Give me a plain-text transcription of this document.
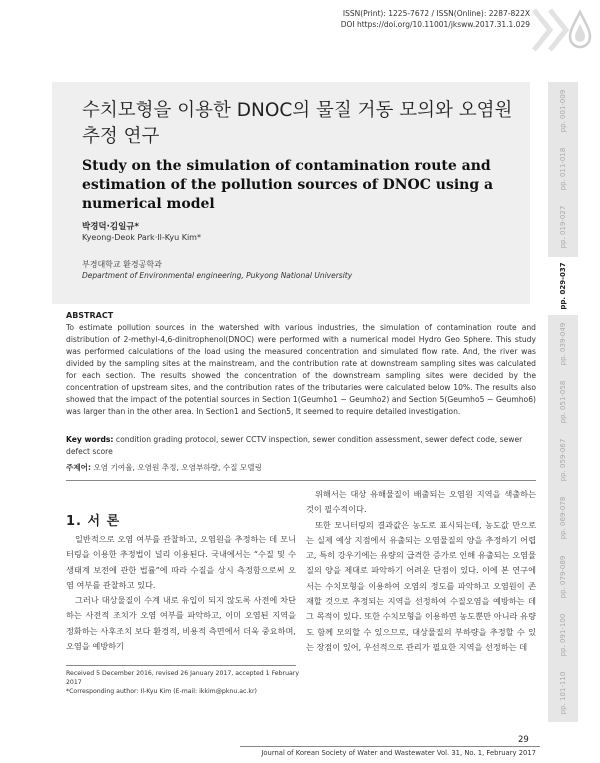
ISSN(Print): 1225-7672 / ISSN(Online): 2287-822X
DOI https://doi.org/10.11001/jksww.2017.31.1.029
수치모형을 이용한 DNOC의 물질 거동 모의와 오염원 추정 연구
Study on the simulation of contamination route and estimation of the pollution sources of DNOC using a numerical model
박경덕·김일규*
Kyeong-Deok Park·Il-Kyu Kim*
부경대학교 환경공학과
Department of Environmental engineering, Pukyong National University
pp. 001-009
pp. 011-018
pp. 019-027
pp. 029-037
pp. 039-049
pp. 051-058
pp. 059-067
pp. 069-078
pp. 079-089
pp. 091-100
pp. 101-110
ABSTRACT
To estimate pollution sources in the watershed with various industries, the simulation of contamination route and distribution of 2-methyl-4,6-dinitrophenol(DNOC) were performed with a numerical model Hydro Geo Sphere. This study was performed calculations of the load using the measured concentration and simulated flow rate. And, the river was divided by the sampling sites at the mainstream, and the contribution rate at downstream sampling sites was calculated for each section. The results showed the concentration of the downstream sampling sites were decided by the concentration of upstream sites, and the contribution rates of the tributaries were calculated below 10%. The results also showed that the impact of the potential sources in Section 1(Geumho1 ~ Geumho2) and Section 5(Geumho5 ~ Geumho6) was larger than in the other area. In Section1 and Section5, It seemed to require detailed investigation.
Key words: condition grading protocol, sewer CCTV inspection, sewer condition assessment, sewer defect code, sewer defect score
주제어: 오염 기여율, 오염원 추정, 오염부하량, 수질 모델링
1. 서 론

일반적으로 오염 여부를 관찰하고, 오염원을 추정하는 데 모니터링을 이용한 추정법이 널리 이용된다. 국내에서는 “수질 및 수생태계 보전에 관한 법률”에 따라 수질을 상시 측정함으로써 오염 여부를 관찰하고 있다.

그러나 대상물질이 수계 내로 유입이 되지 않도록 사전에 차단하는 사전적 조치가 오염 여부를 파악하고, 이미 오염된 지역을 정화하는 사후조치 보다 환경적, 비용적 측면에서 더욱 중요하며, 오염을 예방하기

위해서는 대상 유해물질이 배출되는 오염원 지역을 색출하는 것이 필수적이다.

또한 모니터링의 결과값은 농도로 표시되는데, 농도값 만으로는 실제 예상 지점에서 유출되는 오염물질의 양을 추정하기 어렵고, 특히 강우기에는 유량의 급격한 증가로 인해 유출되는 오염물질의 양을 제대로 파악하기 어려운 단점이 있다. 이에 본 연구에서는 수치모형을 이용하여 오염의 정도를 파악하고 오염원이 존재할 것으로 추정되는 지역을 선정하여 수질오염을 예방하는 데 그 목적이 있다. 또한 수치모형을 이용하면 농도뿐만 아니라 유량도 함께 모의할 수 있으므로, 대상물질의 부하량을 추정할 수 있는 장점이 있어, 우선적으로 관리가 필요한 지역을 선정하는 데

Received 5 December 2016, revised 26 January 2017, accepted 1 February 2017
*Corresponding author: Il-Kyu Kim (E-mail: ikkim@pknu.ac.kr)
29
Journal of Korean Society of Water and Wastewater Vol. 31, No. 1, February 2017
